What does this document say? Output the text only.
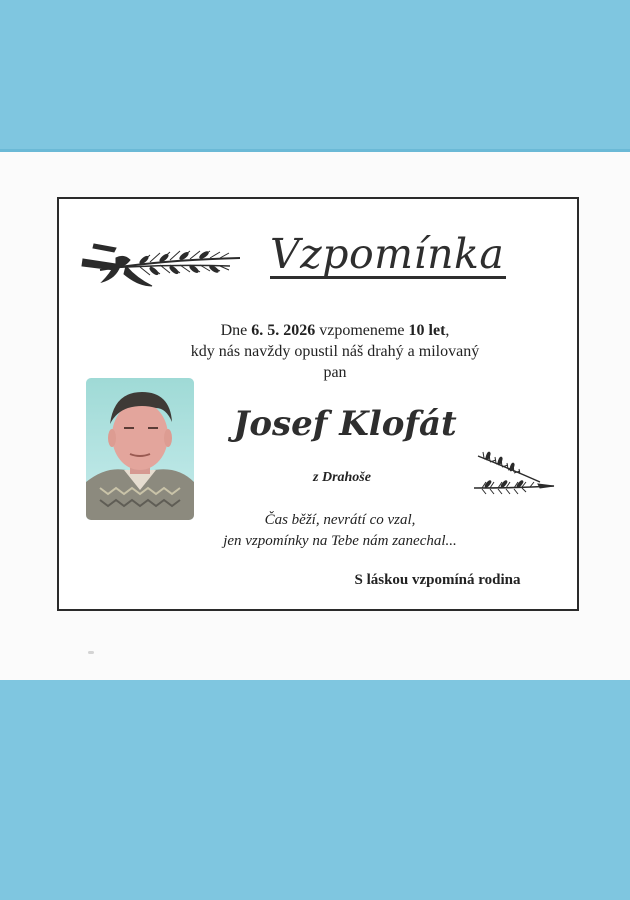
Vzpomínka
Dne 6. 5. 2026 vzpomeneme 10 let,
kdy nás navždy opustil náš drahý a milovaný
pan
Josef Klofát
z Drahoše
Čas běží, nevrátí co vzal,
jen vzpomínky na Tebe nám zanechal...
S láskou vzpomíná rodina
